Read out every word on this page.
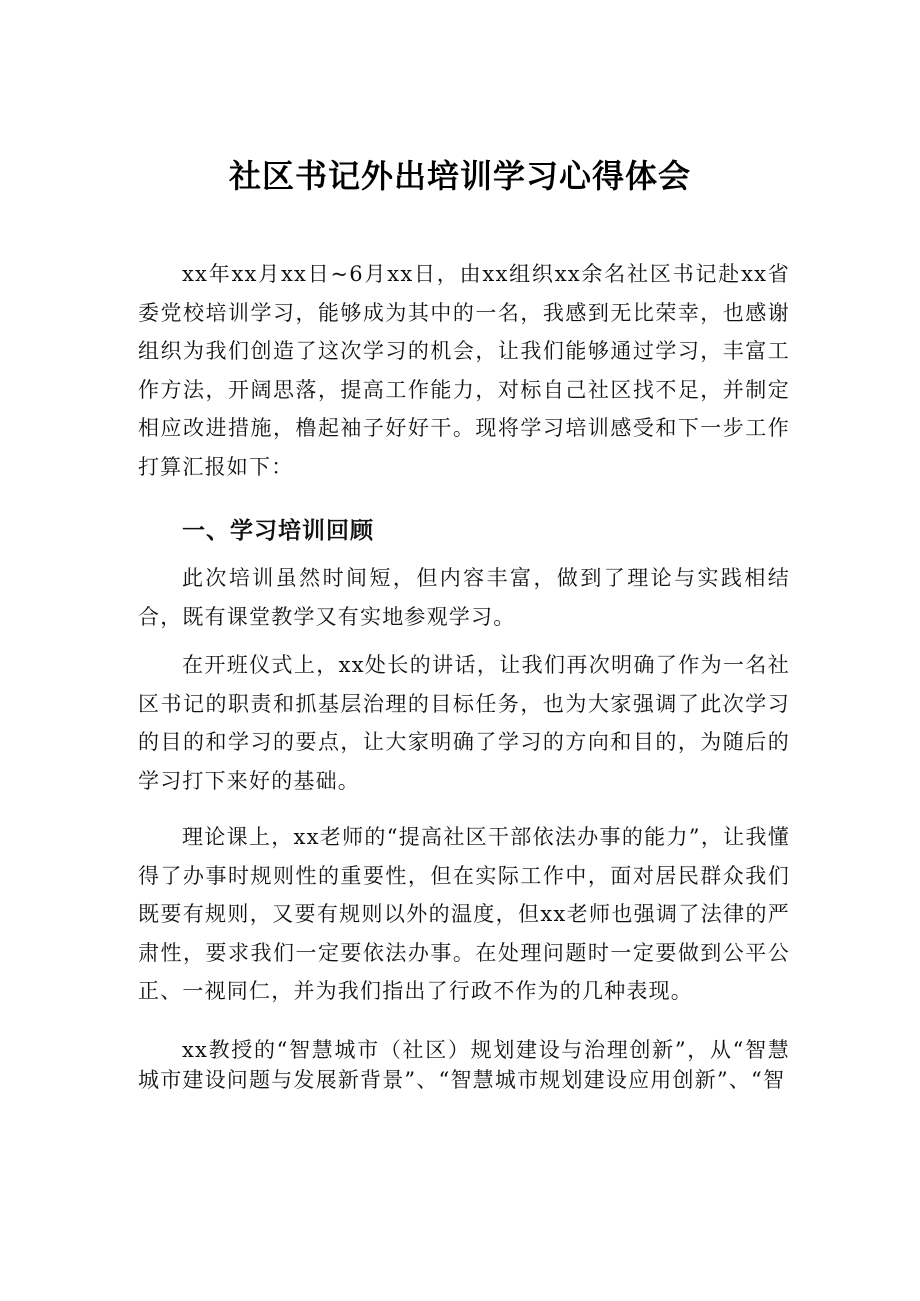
社区书记外出培训学习心得体会

xx年xx月xx日~6月xx日，由xx组织xx余名社区书记赴xx省委党校培训学习，能够成为其中的一名，我感到无比荣幸，也感谢组织为我们创造了这次学习的机会，让我们能够通过学习，丰富工作方法，开阔思落，提高工作能力，对标自己社区找不足，并制定相应改进措施，橹起袖子好好干。现将学习培训感受和下一步工作打算汇报如下：

一、学习培训回顾

此次培训虽然时间短，但内容丰富，做到了理论与实践相结合，既有课堂教学又有实地参观学习。

在开班仪式上，xx处长的讲话，让我们再次明确了作为一名社区书记的职责和抓基层治理的目标任务，也为大家强调了此次学习的目的和学习的要点，让大家明确了学习的方向和目的，为随后的学习打下来好的基础。

理论课上，xx老师的“提高社区干部依法办事的能力”，让我懂得了办事时规则性的重要性，但在实际工作中，面对居民群众我们既要有规则，又要有规则以外的温度，但xx老师也强调了法律的严肃性，要求我们一定要依法办事。在处理问题时一定要做到公平公正、一视同仁，并为我们指出了行政不作为的几种表现。

xx教授的“智慧城市（社区）规划建设与治理创新”，从“智慧城市建设问题与发展新背景”、“智慧城市规划建设应用创新”、“智
